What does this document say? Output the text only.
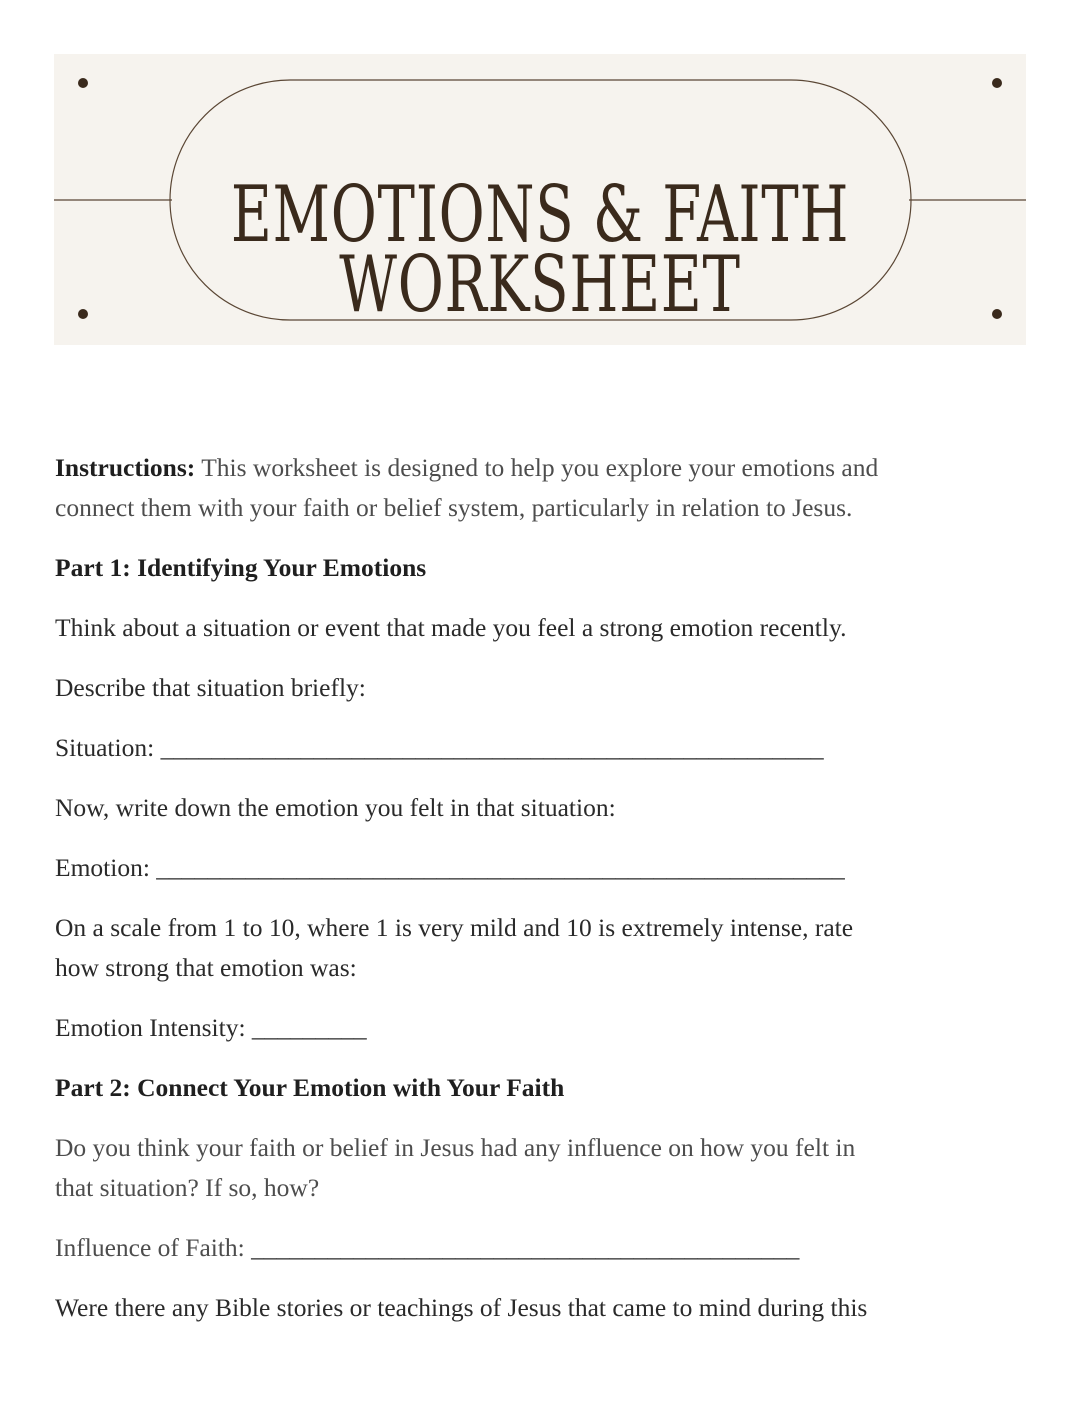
EMOTIONS & FAITH
WORKSHEET

Instructions: This worksheet is designed to help you explore your emotions and

connect them with your faith or belief system, particularly in relation to Jesus.

Part 1: Identifying Your Emotions

Think about a situation or event that made you feel a strong emotion recently.

Describe that situation briefly:

Situation: ____________________________________________________

Now, write down the emotion you felt in that situation:

Emotion: ______________________________________________________

On a scale from 1 to 10, where 1 is very mild and 10 is extremely intense, rate

how strong that emotion was:

Emotion Intensity: _________

Part 2: Connect Your Emotion with Your Faith

Do you think your faith or belief in Jesus had any influence on how you felt in

that situation? If so, how?

Influence of Faith: ___________________________________________

Were there any Bible stories or teachings of Jesus that came to mind during this
